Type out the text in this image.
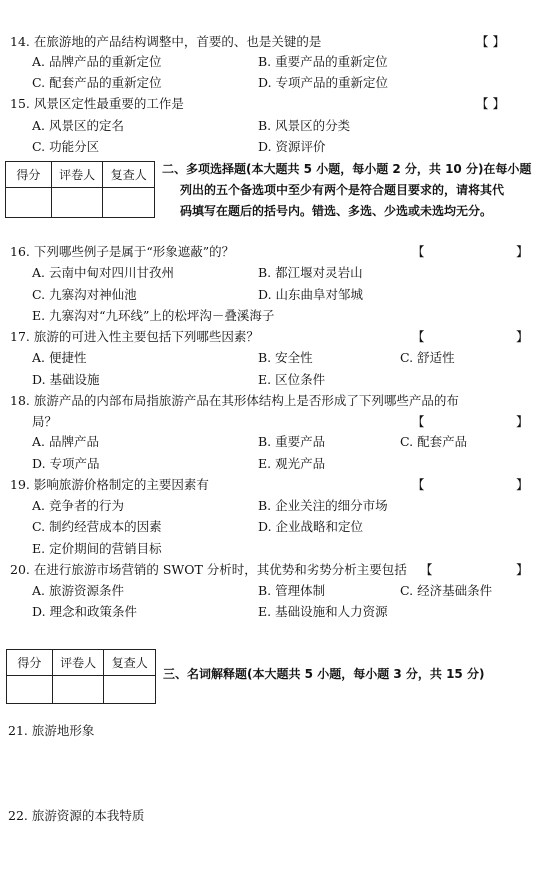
14. 在旅游地的产品结构调整中，首要的、也是关键的是	【 】
A. 品牌产品的重新定位	B. 重要产品的重新定位
C. 配套产品的重新定位	D. 专项产品的重新定位
15. 风景区定性最重要的工作是	【 】
A. 风景区的定名	B. 风景区的分类
C. 功能分区	D. 资源评价
得分	评卷人	复查人
		二、多项选择题(本大题共 5 小题，每小题 2 分，共 10 分)在每小题
列出的五个备选项中至少有两个是符合题目要求的，请将其代
码填写在题后的括号内。错选、多选、少选或未选均无分。
16. 下列哪些例子是属于“形象遮蔽”的？	【	】
A. 云南中甸对四川甘孜州	B. 都江堰对灵岩山
C. 九寨沟对神仙池	D. 山东曲阜对邹城
E. 九寨沟对“九环线”上的松坪沟－叠溪海子
17. 旅游的可进入性主要包括下列哪些因素？	【	】
A. 便捷性	B. 安全性	C. 舒适性
D. 基础设施	E. 区位条件
18. 旅游产品的内部布局指旅游产品在其形体结构上是否形成了下列哪些产品的布
局？	【	】
A. 品牌产品	B. 重要产品	C. 配套产品
D. 专项产品	E. 观光产品
19. 影响旅游价格制定的主要因素有	【	】
A. 竞争者的行为	B. 企业关注的细分市场
C. 制约经营成本的因素	D. 企业战略和定位
E. 定价期间的营销目标
20. 在进行旅游市场营销的 SWOT 分析时，其优势和劣势分析主要包括 【	】
A. 旅游资源条件	B. 管理体制	C. 经济基础条件
D. 理念和政策条件	E. 基础设施和人力资源
得分	评卷人	复查人

三、名词解释题(本大题共 5 小题，每小题 3 分，共 15 分)
21. 旅游地形象
22. 旅游资源的本我特质
